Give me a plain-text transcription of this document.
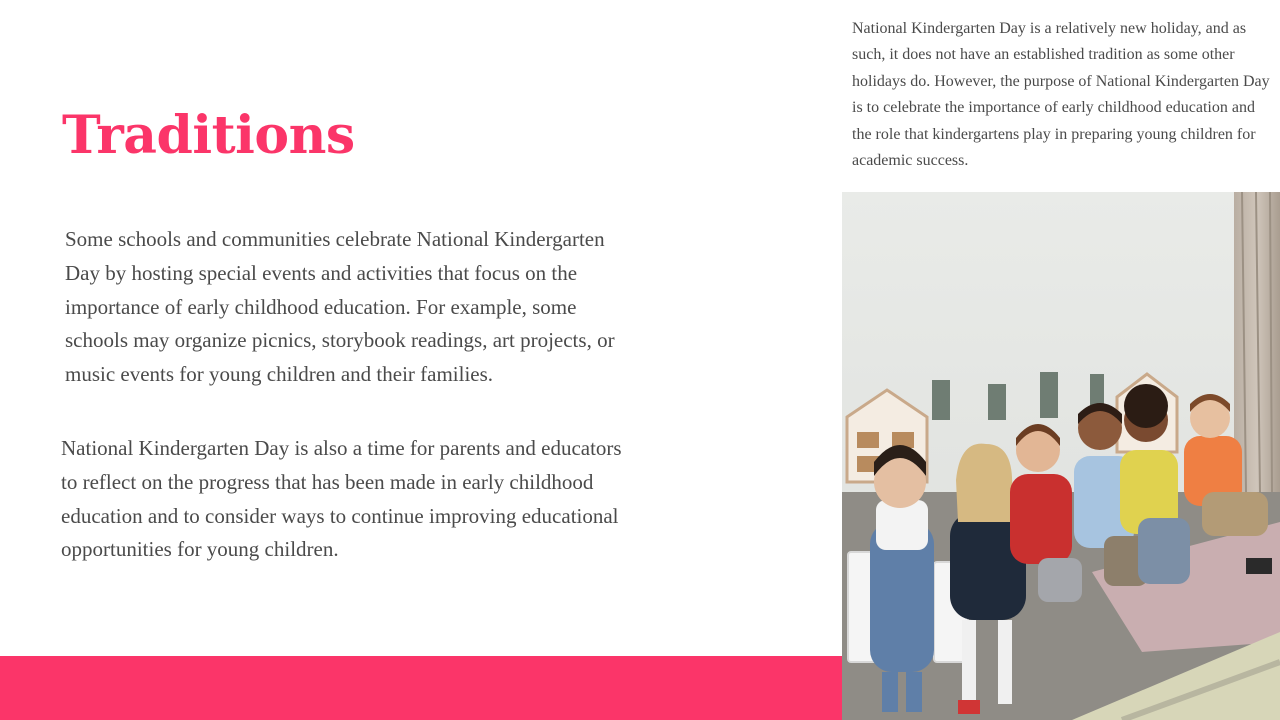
Traditions

Some schools and communities celebrate National Kindergarten Day by hosting special events and activities that focus on the importance of early childhood education. For example, some schools may organize picnics, storybook readings, art projects, or music events for young children and their families.

National Kindergarten Day is also a time for parents and educators to reflect on the progress that has been made in early childhood education and to consider ways to continue improving educational opportunities for young children.

National Kindergarten Day is a relatively new holiday, and as such, it does not have an established tradition as some other holidays do. However, the purpose of National Kindergarten Day is to celebrate the importance of early childhood education and the role that kindergartens play in preparing young children for academic success.
